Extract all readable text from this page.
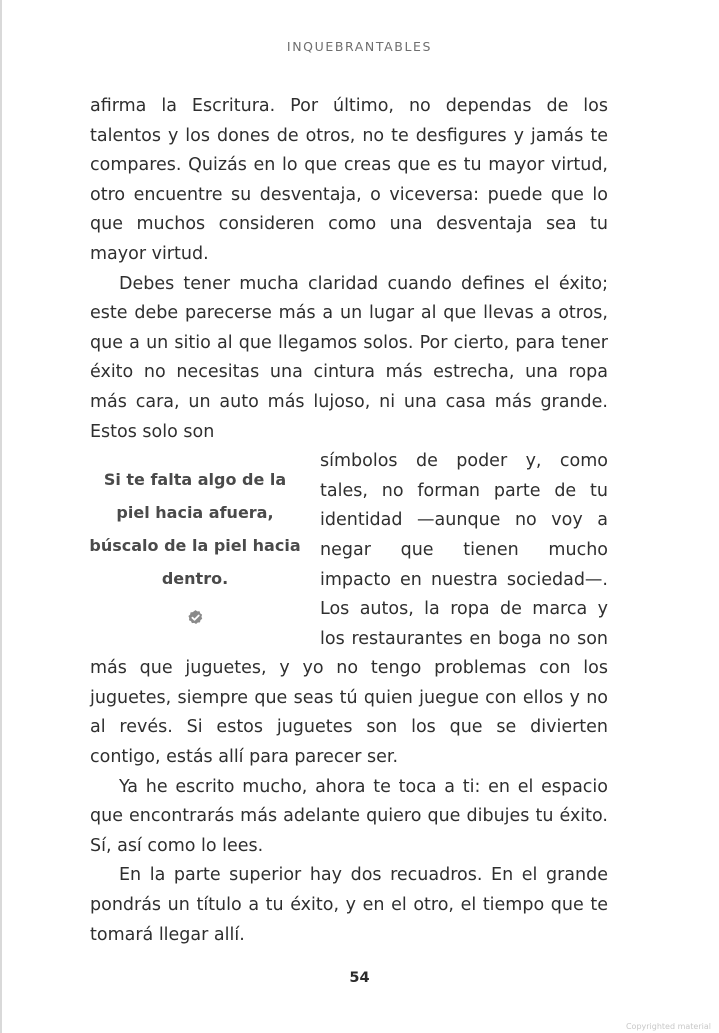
INQUEBRANTABLES

afirma la Escritura. Por último, no dependas de los talentos y los dones de otros, no te desfigures y jamás te compares. Quizás en lo que creas que es tu mayor virtud, otro encuentre su desventaja, o viceversa: puede que lo que muchos consideren como una desventaja sea tu mayor virtud.

Debes tener mucha claridad cuando defines el éxito; este debe parecerse más a un lugar al que llevas a otros, que a un sitio al que llegamos solos. Por cierto, para tener éxito no necesitas una cintura más estrecha, una ropa más cara, un auto más lujoso, ni una casa más grande. Estos solo son

Si te falta algo de la piel hacia afuera, búscalo de la piel hacia dentro.

símbolos de poder y, como tales, no forman parte de tu identidad —aunque no voy a negar que tienen mucho impacto en nuestra sociedad—. Los autos, la ropa de marca y los restaurantes en boga no son más que juguetes, y yo no tengo problemas con los juguetes, siempre que seas tú quien juegue con ellos y no al revés. Si estos juguetes son los que se divierten contigo, estás allí para parecer ser.

Ya he escrito mucho, ahora te toca a ti: en el espacio que encontrarás más adelante quiero que dibujes tu éxito. Sí, así como lo lees.

En la parte superior hay dos recuadros. En el grande pondrás un título a tu éxito, y en el otro, el tiempo que te tomará llegar allí.

54
Copyrighted material
